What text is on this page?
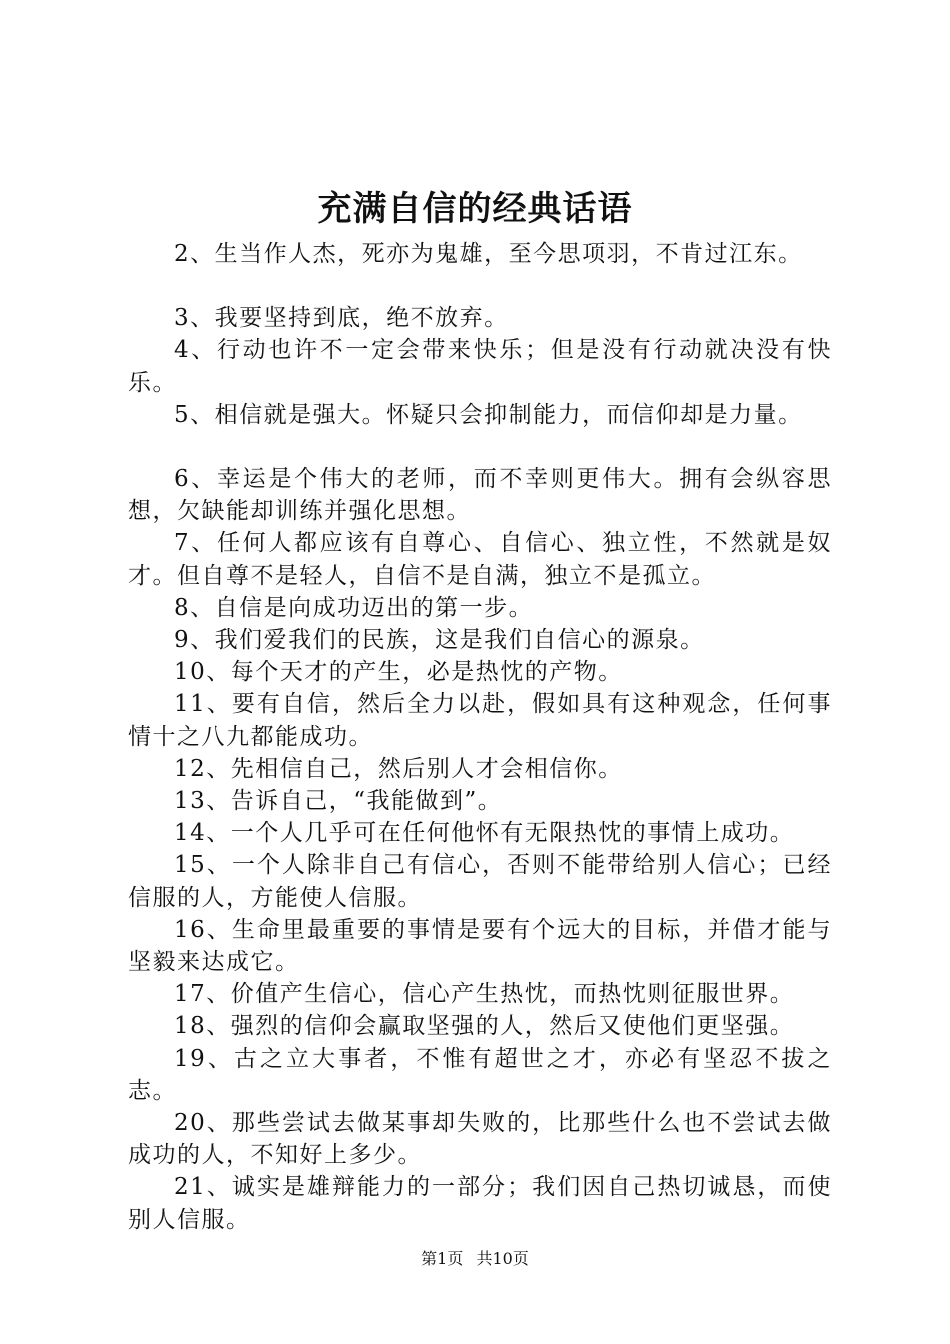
充满自信的经典话语

2、生当作人杰，死亦为鬼雄，至今思项羽，不肯过江东。

3、我要坚持到底，绝不放弃。

4、行动也许不一定会带来快乐；但是没有行动就决没有快乐。

5、相信就是强大。怀疑只会抑制能力，而信仰却是力量。

6、幸运是个伟大的老师，而不幸则更伟大。拥有会纵容思想，欠缺能却训练并强化思想。

7、任何人都应该有自尊心、自信心、独立性，不然就是奴才。但自尊不是轻人，自信不是自满，独立不是孤立。

8、自信是向成功迈出的第一步。

9、我们爱我们的民族，这是我们自信心的源泉。

10、每个天才的产生，必是热忱的产物。

11、要有自信，然后全力以赴，假如具有这种观念，任何事情十之八九都能成功。

12、先相信自己，然后别人才会相信你。

13、告诉自己，“我能做到”。

14、一个人几乎可在任何他怀有无限热忱的事情上成功。

15、一个人除非自己有信心，否则不能带给别人信心；已经信服的人，方能使人信服。

16、生命里最重要的事情是要有个远大的目标，并借才能与坚毅来达成它。

17、价值产生信心，信心产生热忱，而热忱则征服世界。

18、强烈的信仰会赢取坚强的人，然后又使他们更坚强。

19、古之立大事者，不惟有超世之才，亦必有坚忍不拔之志。

20、那些尝试去做某事却失败的，比那些什么也不尝试去做成功的人，不知好上多少。

21、诚实是雄辩能力的一部分；我们因自己热切诚恳，而使别人信服。

第1页 共10页
